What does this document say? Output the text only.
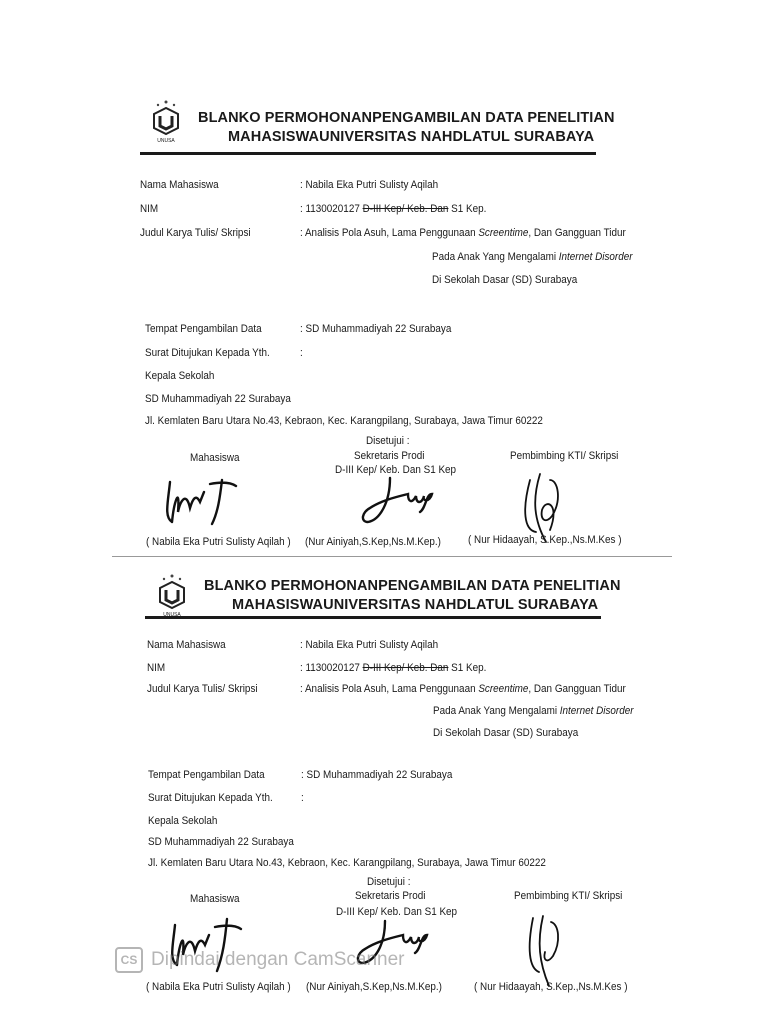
UNUSA
BLANKO PERMOHONANPENGAMBILAN DATA PENELITIAN
MAHASISWAUNIVERSITAS NAHDLATUL SURABAYA
Nama Mahasiswa	: Nabila Eka Putri Sulisty Aqilah
NIM	: 1130020127 D-III Kep/ Keb. Dan S1 Kep.
Judul Karya Tulis/ Skripsi	: Analisis Pola Asuh, Lama Penggunaan Screentime, Dan Gangguan Tidur
Pada Anak Yang Mengalami Internet Disorder
Di Sekolah Dasar (SD) Surabaya
Tempat Pengambilan Data	: SD Muhammadiyah 22 Surabaya
Surat Ditujukan Kepada Yth.	:
Kepala Sekolah
SD Muhammadiyah 22 Surabaya
Jl. Kemlaten Baru Utara No.43, Kebraon, Kec. Karangpilang, Surabaya, Jawa Timur 60222
Disetujui :
Mahasiswa	Sekretaris Prodi
D-III Kep/ Keb. Dan S1 Kep
Pembimbing KTI/ Skripsi
( Nabila Eka Putri Sulisty Aqilah ) (Nur Ainiyah,S.Kep,Ns.M.Kep.) ( Nur Hidaayah, S.Kep.,Ns.M.Kes )
UNUSA
BLANKO PERMOHONANPENGAMBILAN DATA PENELITIAN
MAHASISWAUNIVERSITAS NAHDLATUL SURABAYA
Nama Mahasiswa	: Nabila Eka Putri Sulisty Aqilah
NIM	: 1130020127 D-III Kep/ Keb. Dan S1 Kep.
Judul Karya Tulis/ Skripsi	: Analisis Pola Asuh, Lama Penggunaan Screentime, Dan Gangguan Tidur
Pada Anak Yang Mengalami Internet Disorder
Di Sekolah Dasar (SD) Surabaya
Tempat Pengambilan Data	: SD Muhammadiyah 22 Surabaya
Surat Ditujukan Kepada Yth.	:
Kepala Sekolah
SD Muhammadiyah 22 Surabaya
Jl. Kemlaten Baru Utara No.43, Kebraon, Kec. Karangpilang, Surabaya, Jawa Timur 60222
Disetujui :
Mahasiswa	Sekretaris Prodi
D-III Kep/ Keb. Dan S1 Kep
Pembimbing KTI/ Skripsi
( Nabila Eka Putri Sulisty Aqilah ) (Nur Ainiyah,S.Kep,Ns.M.Kep.)	( Nur Hidaayah, S.Kep.,Ns.M.Kes )
CS Dipindai dengan CamScanner
